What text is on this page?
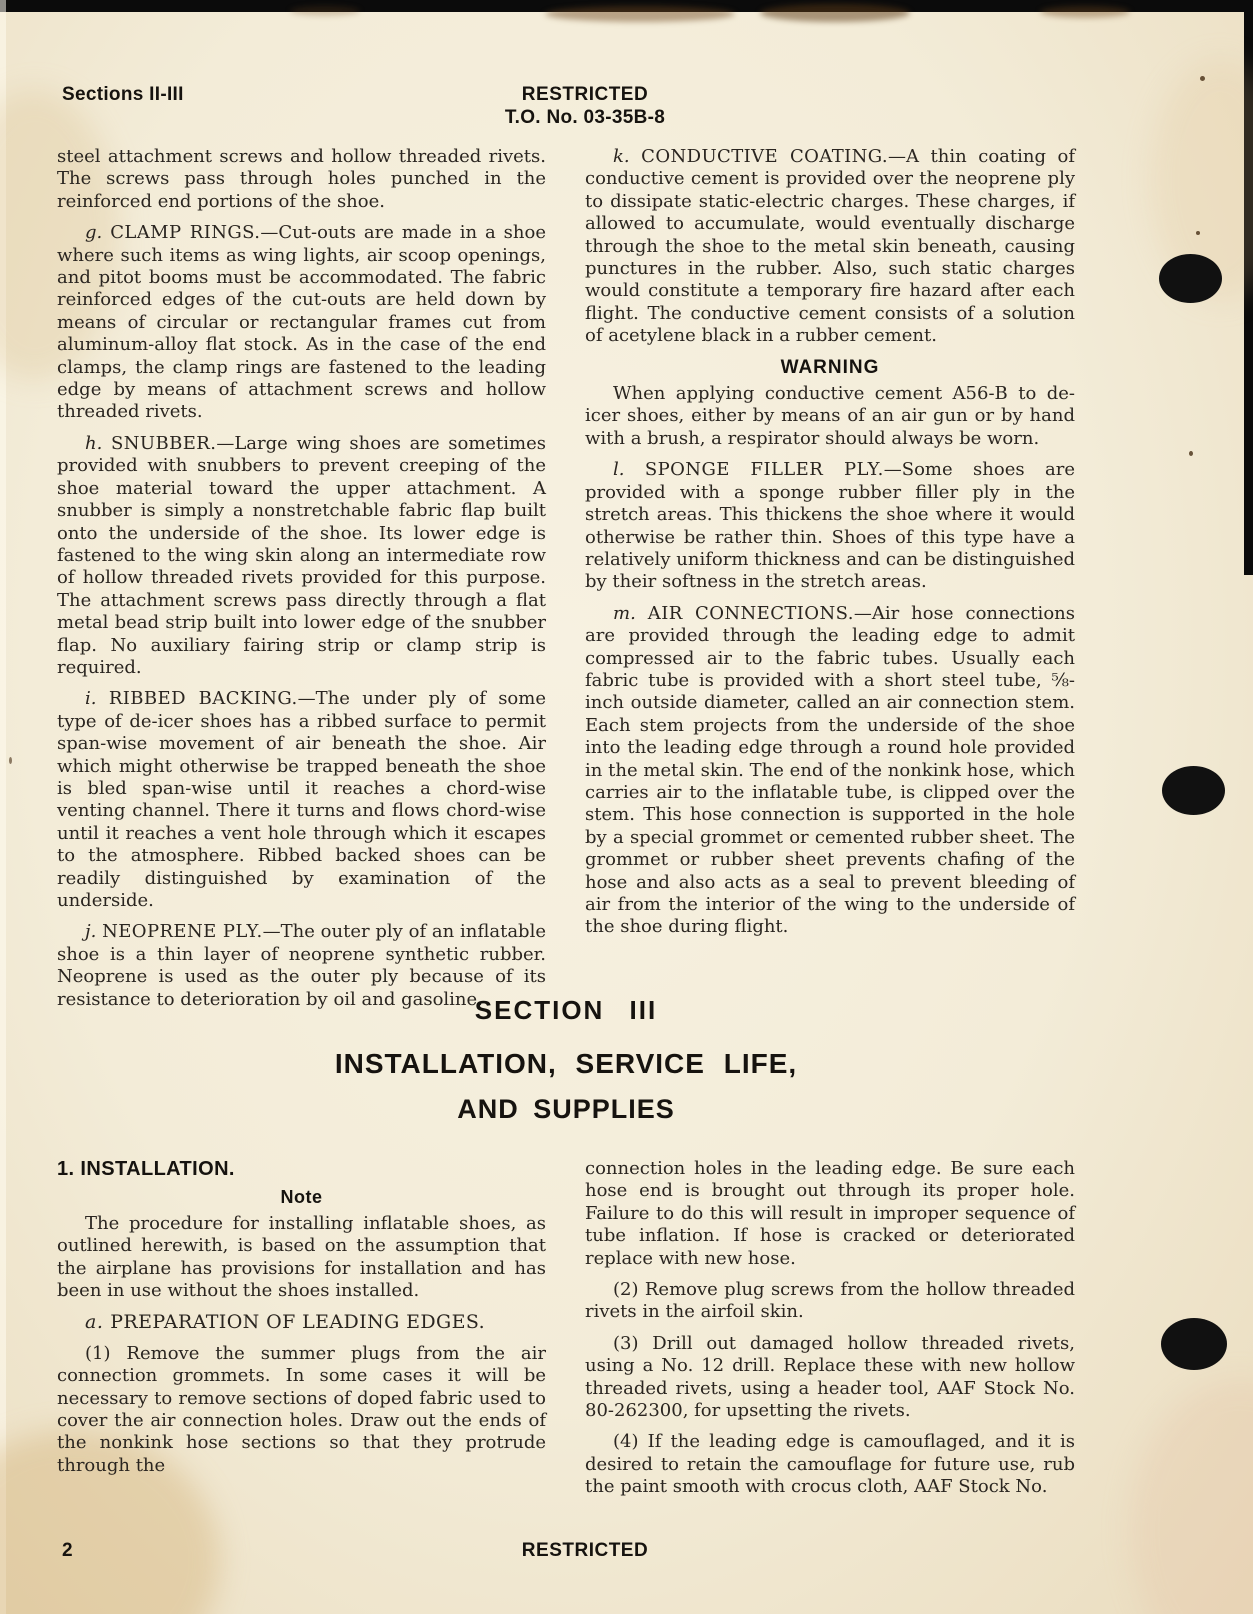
Sections II-III	RESTRICTED
T.O. No. 03-35B-8

steel attachment screws and hollow threaded rivets. The screws pass through holes punched in the reinforced end portions of the shoe.

g. CLAMP RINGS.—Cut-outs are made in a shoe where such items as wing lights, air scoop openings, and pitot booms must be accommodated. The fabric reinforced edges of the cut-outs are held down by means of circular or rectangular frames cut from aluminum-alloy flat stock. As in the case of the end clamps, the clamp rings are fastened to the leading edge by means of attachment screws and hollow threaded rivets.

h. SNUBBER.—Large wing shoes are sometimes provided with snubbers to prevent creeping of the shoe material toward the upper attachment. A snubber is simply a nonstretchable fabric flap built onto the underside of the shoe. Its lower edge is fastened to the wing skin along an intermediate row of hollow threaded rivets provided for this purpose. The attachment screws pass directly through a flat metal bead strip built into lower edge of the snubber flap. No auxiliary fairing strip or clamp strip is required.

i. RIBBED BACKING.—The under ply of some type of de-icer shoes has a ribbed surface to permit span-wise movement of air beneath the shoe. Air which might otherwise be trapped beneath the shoe is bled span-wise until it reaches a chord-wise venting channel. There it turns and flows chord-wise until it reaches a vent hole through which it escapes to the atmosphere. Ribbed backed shoes can be readily distinguished by examination of the underside.

j. NEOPRENE PLY.—The outer ply of an inflatable shoe is a thin layer of neoprene synthetic rubber. Neoprene is used as the outer ply because of its resistance to deterioration by oil and gasoline.

k. CONDUCTIVE COATING.—A thin coating of conductive cement is provided over the neoprene ply to dissipate static-electric charges. These charges, if allowed to accumulate, would eventually discharge through the shoe to the metal skin beneath, causing punctures in the rubber. Also, such static charges would constitute a temporary fire hazard after each flight. The conductive cement consists of a solution of acetylene black in a rubber cement.

WARNING

When applying conductive cement A56-B to de-icer shoes, either by means of an air gun or by hand with a brush, a respirator should always be worn.

l. SPONGE FILLER PLY.—Some shoes are provided with a sponge rubber filler ply in the stretch areas. This thickens the shoe where it would otherwise be rather thin. Shoes of this type have a relatively uniform thickness and can be distinguished by their softness in the stretch areas.

m. AIR CONNECTIONS.—Air hose connections are provided through the leading edge to admit compressed air to the fabric tubes. Usually each fabric tube is provided with a short steel tube, ⅝-inch outside diameter, called an air connection stem. Each stem projects from the underside of the shoe into the leading edge through a round hole provided in the metal skin. The end of the nonkink hose, which carries air to the inflatable tube, is clipped over the stem. This hose connection is supported in the hole by a special grommet or cemented rubber sheet. The grommet or rubber sheet prevents chafing of the hose and also acts as a seal to prevent bleeding of air from the interior of the wing to the underside of the shoe during flight.

SECTION III
INSTALLATION, SERVICE LIFE,
AND SUPPLIES

1. INSTALLATION.

Note

The procedure for installing inflatable shoes, as outlined herewith, is based on the assumption that the airplane has provisions for installation and has been in use without the shoes installed.

a. PREPARATION OF LEADING EDGES.

(1) Remove the summer plugs from the air connection grommets. In some cases it will be necessary to remove sections of doped fabric used to cover the air connection holes. Draw out the ends of the nonkink hose sections so that they protrude through the

connection holes in the leading edge. Be sure each hose end is brought out through its proper hole. Failure to do this will result in improper sequence of tube inflation. If hose is cracked or deteriorated replace with new hose.

(2) Remove plug screws from the hollow threaded rivets in the airfoil skin.

(3) Drill out damaged hollow threaded rivets, using a No. 12 drill. Replace these with new hollow threaded rivets, using a header tool, AAF Stock No. 80-262300, for upsetting the rivets.

(4) If the leading edge is camouflaged, and it is desired to retain the camouflage for future use, rub the paint smooth with crocus cloth, AAF Stock No.

2	RESTRICTED
